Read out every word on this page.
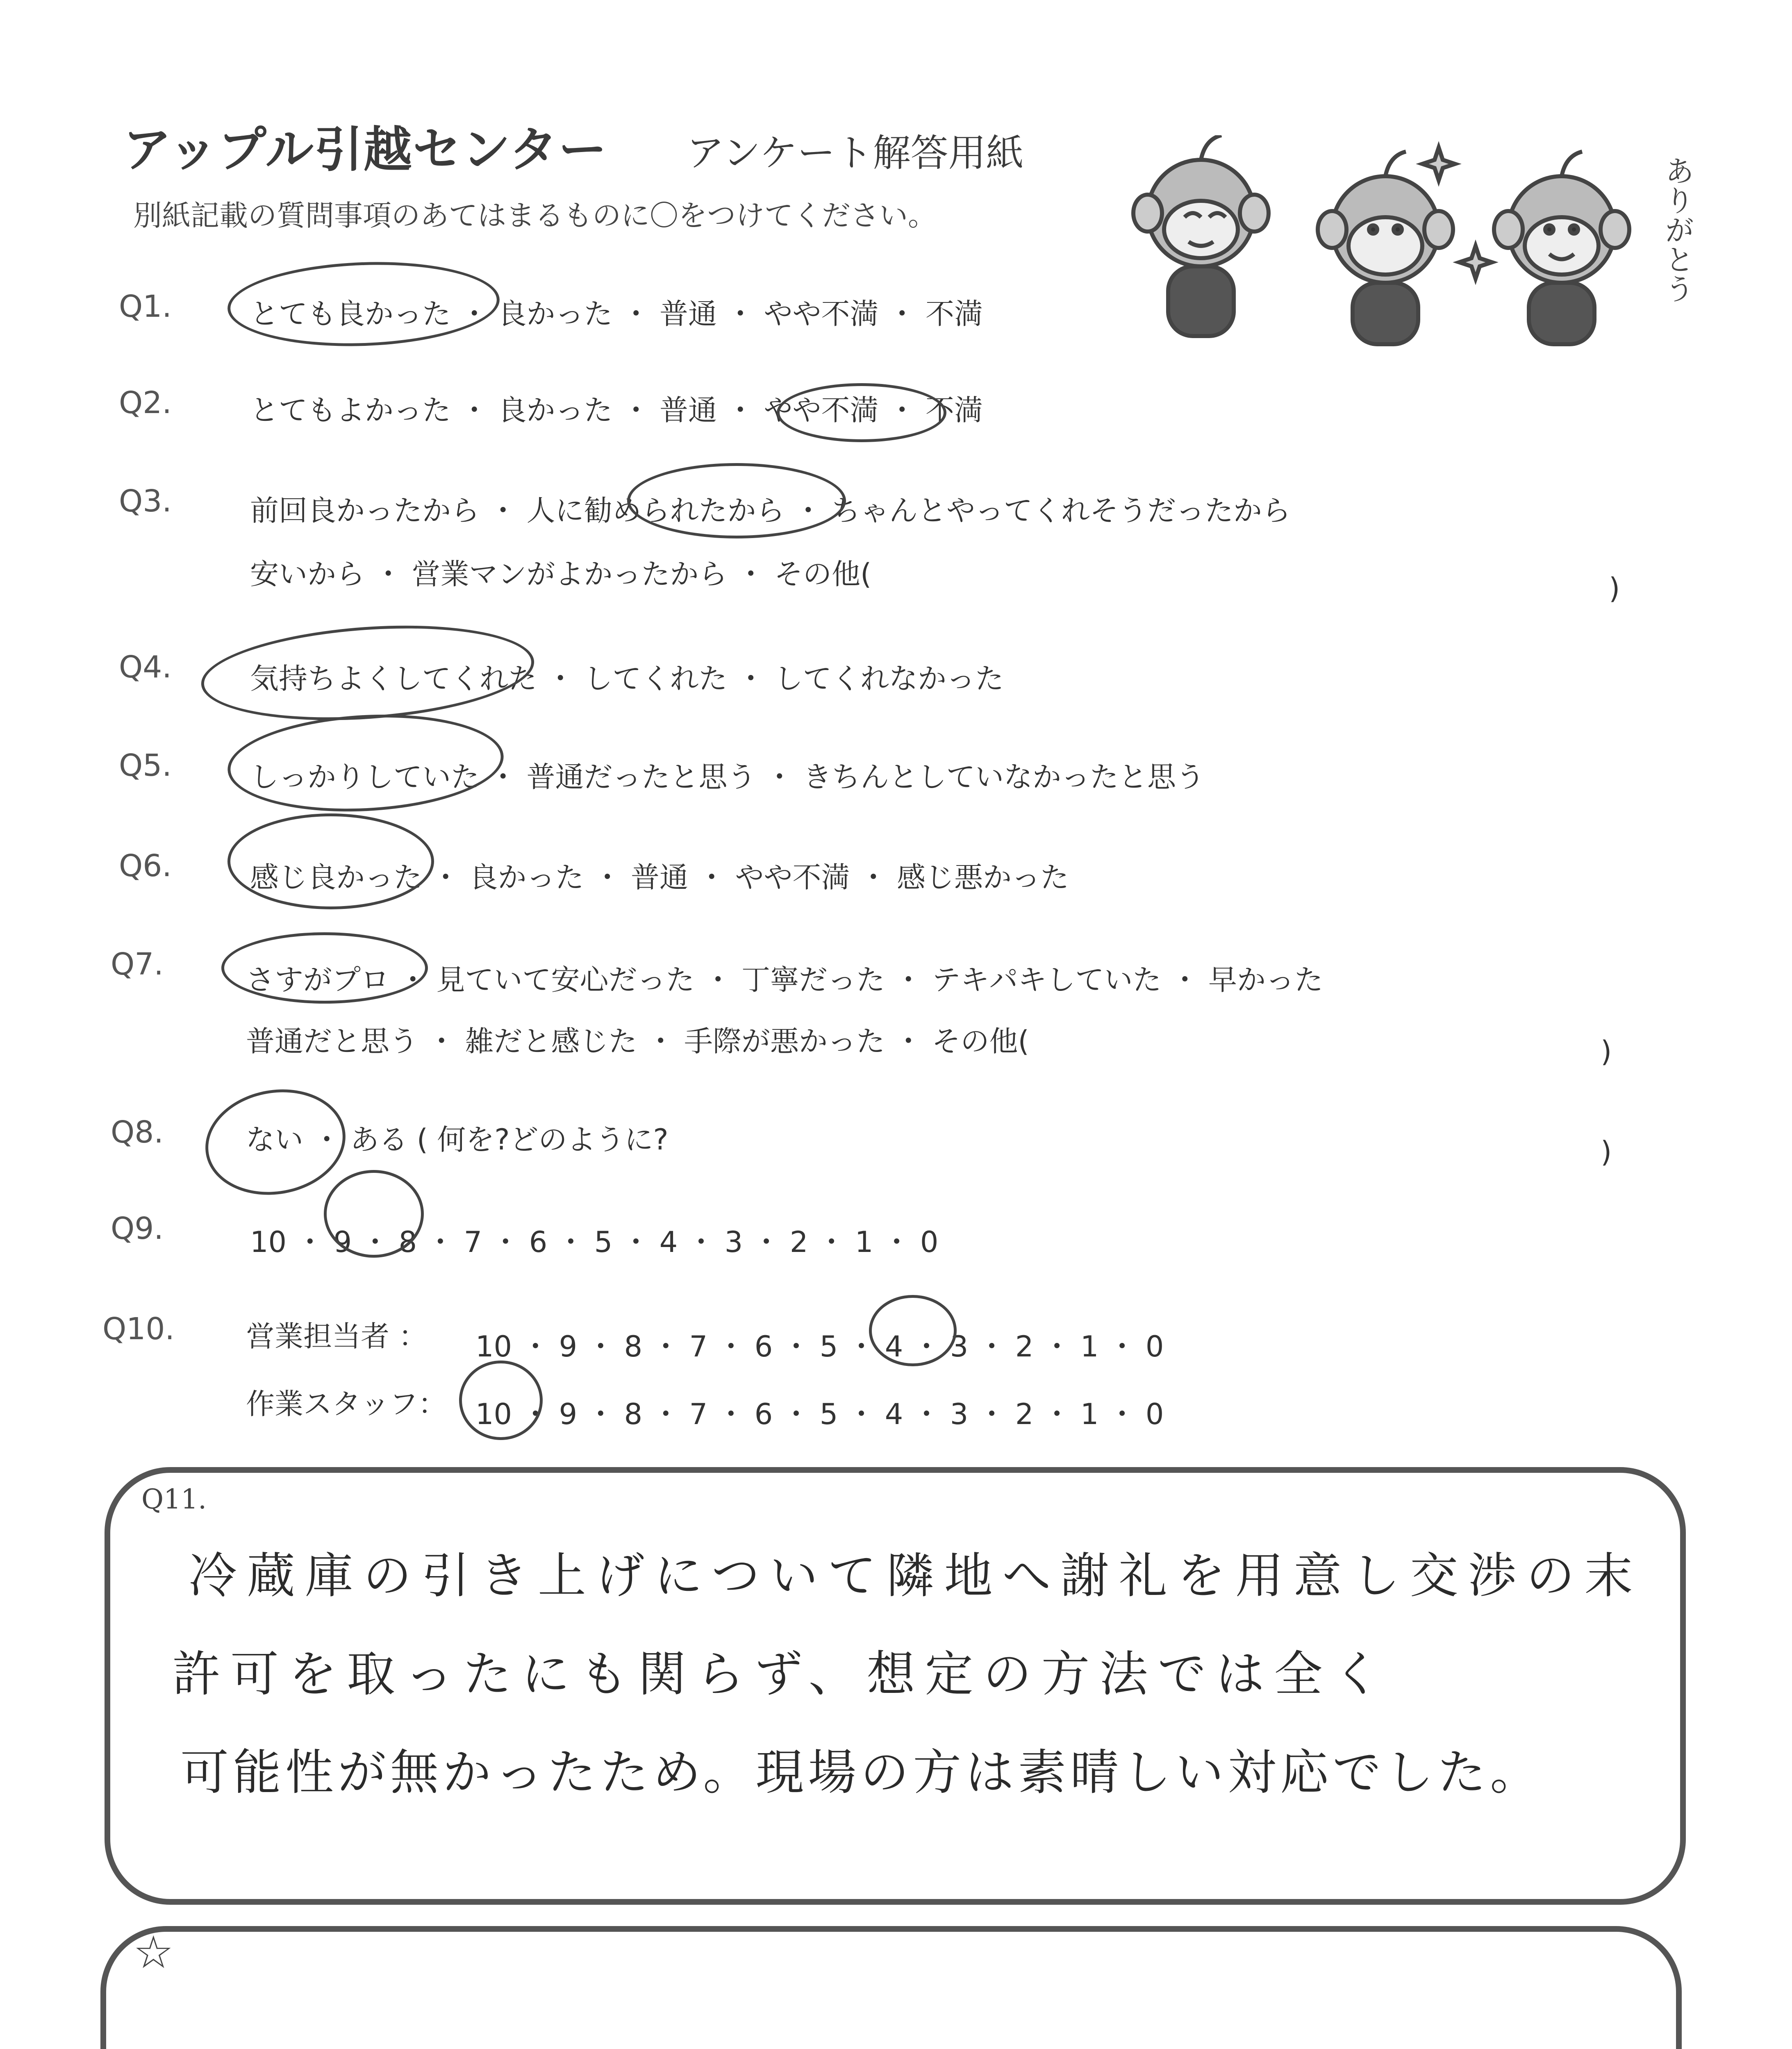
アップル引越センター アンケート解答用紙
別紙記載の質問事項のあてはまるものに〇をつけてください。	ありがとう
Q1.	とても良かった ・ 良かった ・ 普通 ・ やや不満 ・ 不満
Q2.	とてもよかった ・ 良かった ・ 普通 ・ やや不満 ・ 不満
Q3.	前回良かったから ・ 人に勧められたから ・ ちゃんとやってくれそうだったから
安いから ・ 営業マンがよかったから ・ その他(	)
Q4.	気持ちよくしてくれた ・ してくれた ・ してくれなかった
Q5.	しっかりしていた ・ 普通だったと思う ・ きちんとしていなかったと思う
Q6.	感じ良かった ・ 良かった ・ 普通 ・ やや不満 ・ 感じ悪かった
Q7.	さすがプロ ・ 見ていて安心だった ・ 丁寧だった ・ テキパキしていた ・ 早かった
普通だと思う ・ 雑だと感じた ・ 手際が悪かった ・ その他(	)
Q8.	ない ・ ある ( 何を?どのように?	)
Q9.	10 ・ 9 ・ 8 ・ 7 ・ 6 ・ 5 ・ 4 ・ 3 ・ 2 ・ 1 ・ 0
Q10. 営業担当者 ： 10 ・ 9 ・ 8 ・ 7 ・ 6 ・ 5 ・ 4 ・ 3 ・ 2 ・ 1 ・ 0
作業スタッフ： 10 ・ 9 ・ 8 ・ 7 ・ 6 ・ 5 ・ 4 ・ 3 ・ 2 ・ 1 ・ 0
Q11.
冷蔵庫の引き上げについて隣地へ謝礼を用意し交渉の末
許可を取ったにも関らず、想定の方法では全く
可能性が無かったため。現場の方は素晴しい対応でした。
☆
